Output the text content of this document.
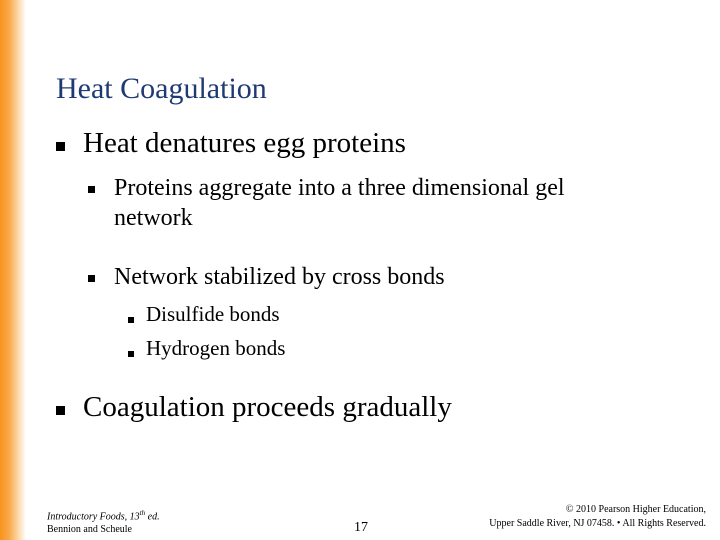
Heat Coagulation
Heat denatures egg proteins
Proteins aggregate into a three dimensional gel
network
Network stabilized by cross bonds
Disulfide bonds
Hydrogen bonds
Coagulation proceeds gradually
Introductory Foods, 13th ed.
Bennion and Scheule	17
© 2010 Pearson Higher Education,
Upper Saddle River, NJ 07458. • All Rights Reserved.
